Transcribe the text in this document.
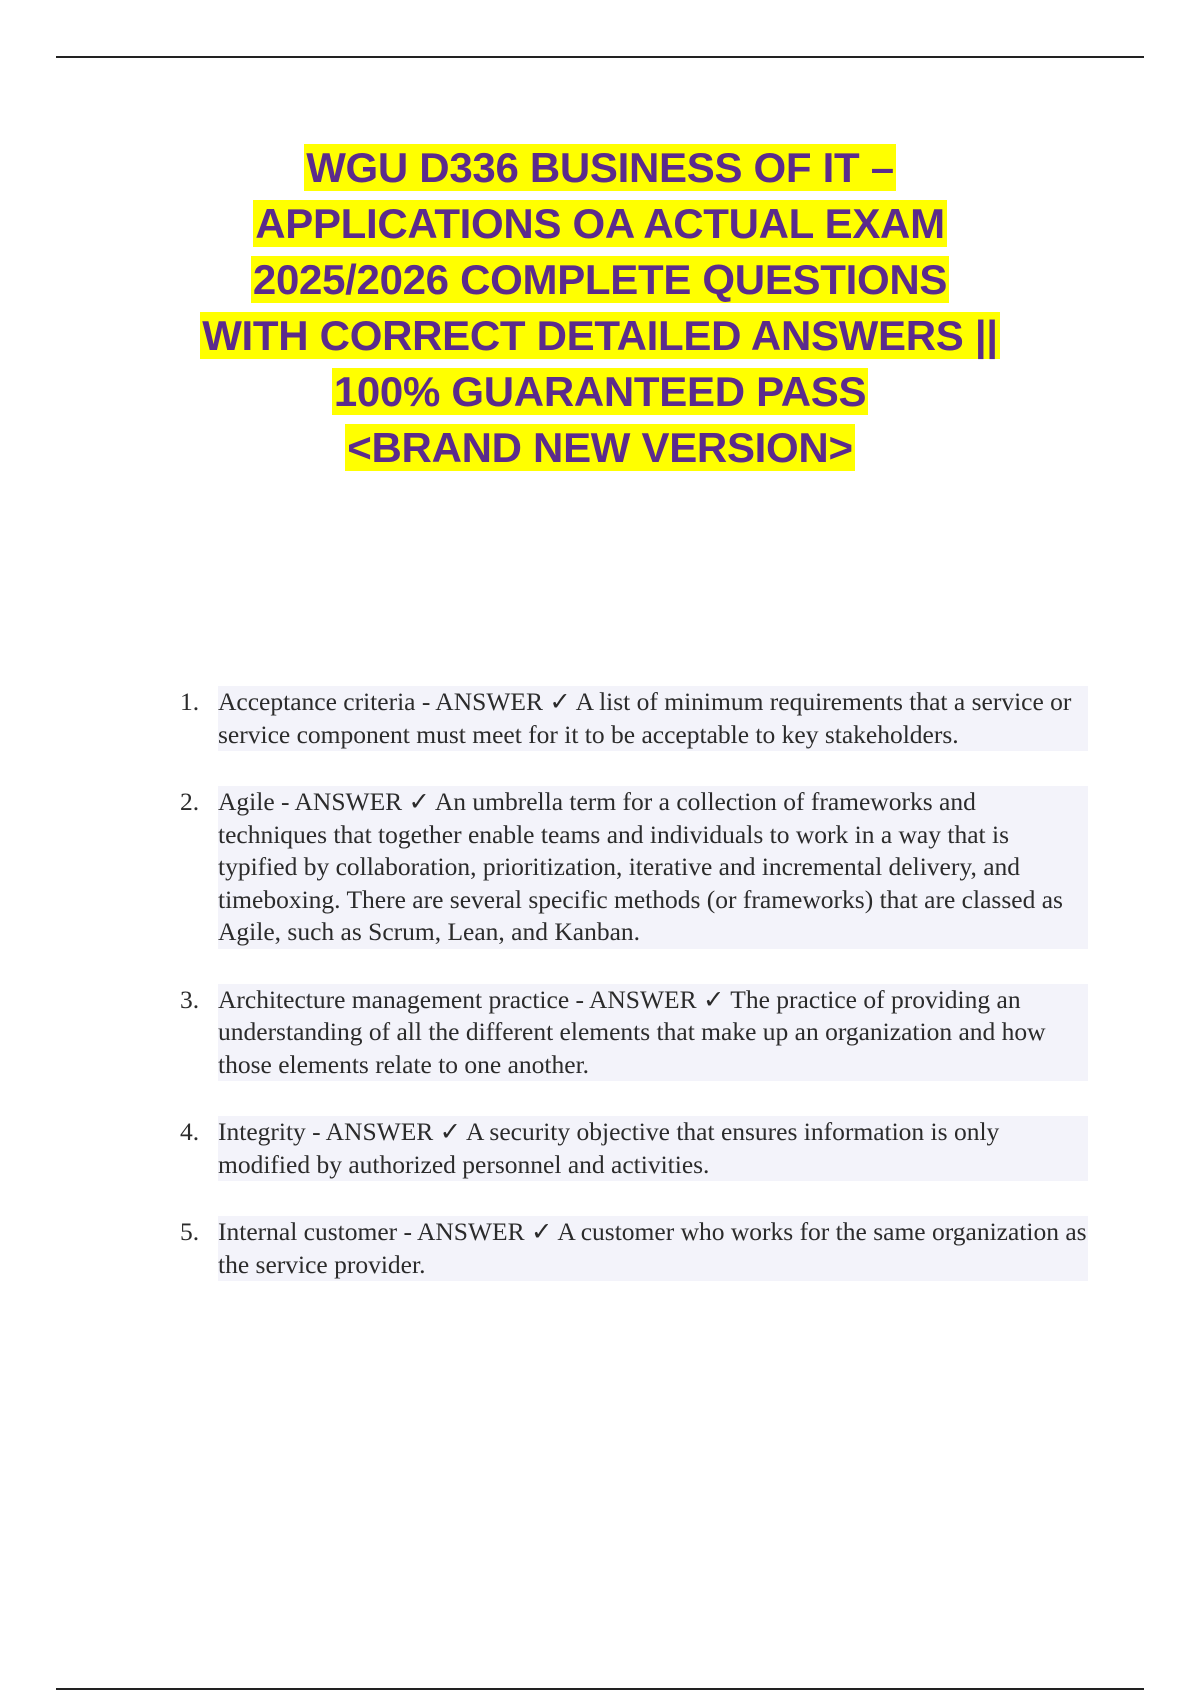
WGU D336 BUSINESS OF IT –
APPLICATIONS OA ACTUAL EXAM
2025/2026 COMPLETE QUESTIONS
WITH CORRECT DETAILED ANSWERS ||
100% GUARANTEED PASS
<BRAND NEW VERSION>
1. Acceptance criteria - ANSWER ✓ A list of minimum requirements that a service or service component must meet for it to be acceptable to key stakeholders.
2. Agile - ANSWER ✓ An umbrella term for a collection of frameworks and techniques that together enable teams and individuals to work in a way that is typified by collaboration, prioritization, iterative and incremental delivery, and timeboxing. There are several specific methods (or frameworks) that are classed as Agile, such as Scrum, Lean, and Kanban.
3. Architecture management practice - ANSWER ✓ The practice of providing an understanding of all the different elements that make up an organization and how those elements relate to one another.
4. Integrity - ANSWER ✓ A security objective that ensures information is only modified by authorized personnel and activities.
5. Internal customer - ANSWER ✓ A customer who works for the same organization as the service provider.
